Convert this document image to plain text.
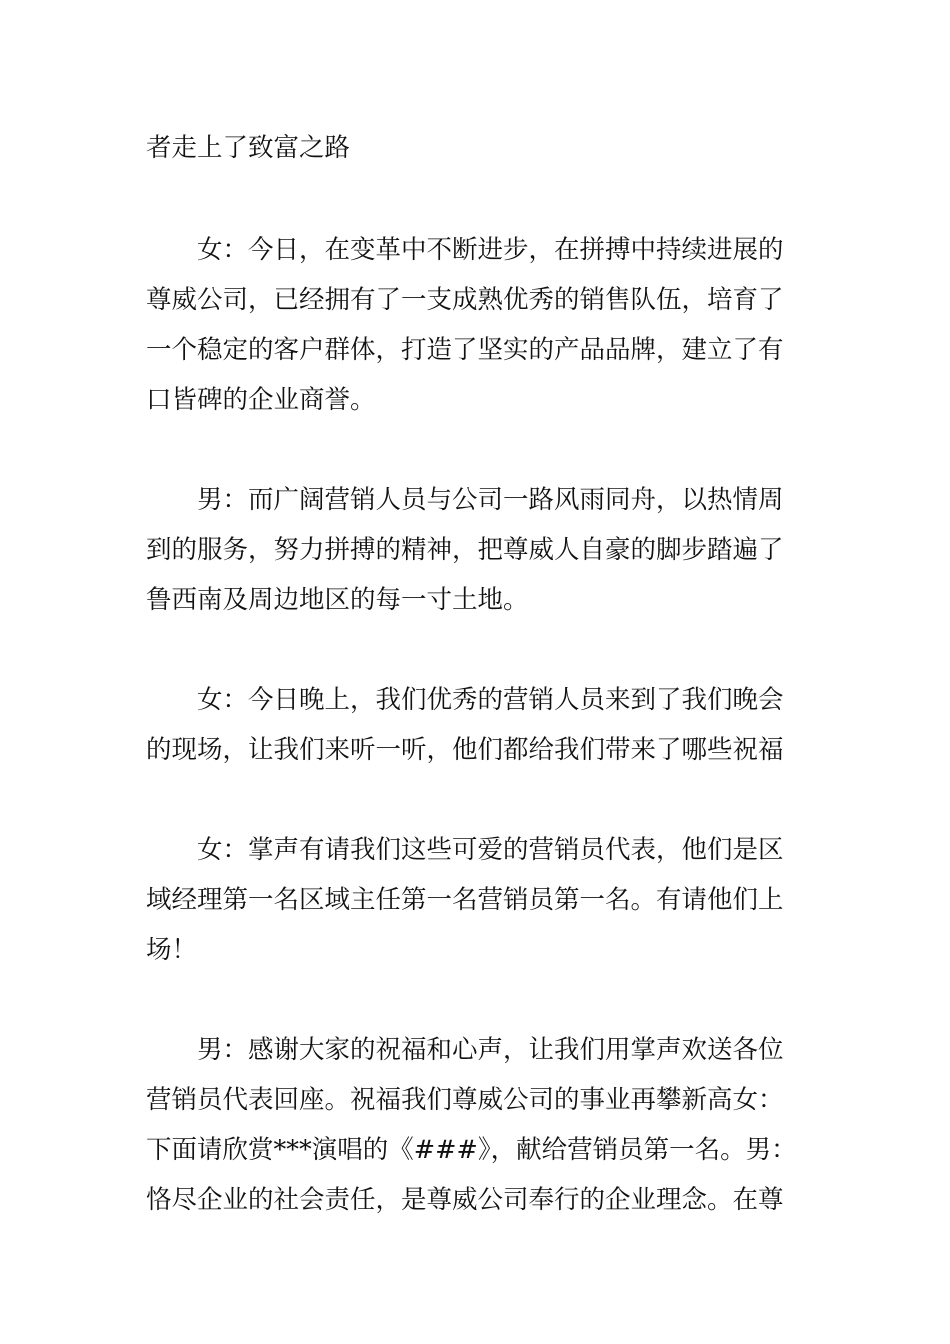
者走上了致富之路

女：今日，在变革中不断进步，在拼搏中持续进展的尊威公司，已经拥有了一支成熟优秀的销售队伍，培育了一个稳定的客户群体，打造了坚实的产品品牌，建立了有口皆碑的企业商誉。

男：而广阔营销人员与公司一路风雨同舟，以热情周到的服务，努力拼搏的精神，把尊威人自豪的脚步踏遍了鲁西南及周边地区的每一寸土地。

女：今日晚上，我们优秀的营销人员来到了我们晚会的现场，让我们来听一听，他们都给我们带来了哪些祝福

女：掌声有请我们这些可爱的营销员代表，他们是区域经理第一名区域主任第一名营销员第一名。有请他们上场！

男：感谢大家的祝福和心声，让我们用掌声欢送各位营销员代表回座。祝福我们尊威公司的事业再攀新高女：下面请欣赏***演唱的《###》，献给营销员第一名。男：恪尽企业的社会责任，是尊威公司奉行的企业理念。在尊
